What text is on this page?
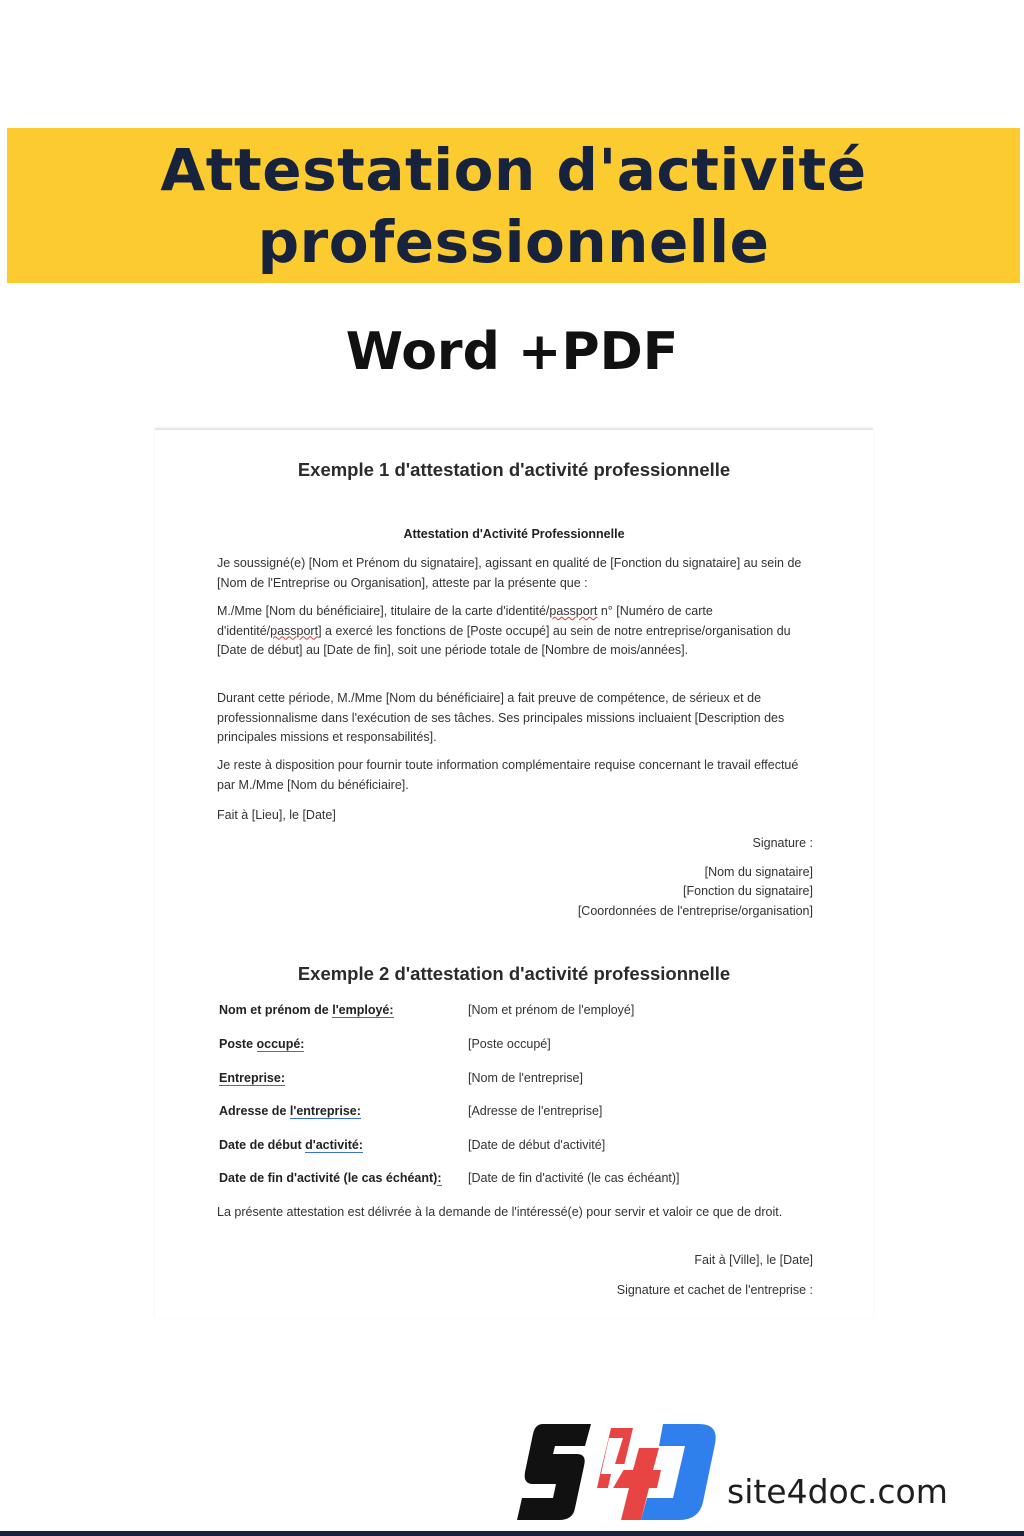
Attestation d'activité
professionnelle
Word +PDF
Exemple 1 d'attestation d'activité professionnelle
Attestation d'Activité Professionnelle
Je soussigné(e) [Nom et Prénom du signataire], agissant en qualité de [Fonction du signataire] au sein de [Nom de l'Entreprise ou Organisation], atteste par la présente que :
M./Mme [Nom du bénéficiaire], titulaire de la carte d'identité/passport n° [Numéro de carte d'identité/passport] a exercé les fonctions de [Poste occupé] au sein de notre entreprise/organisation du [Date de début] au [Date de fin], soit une période totale de [Nombre de mois/années].
Durant cette période, M./Mme [Nom du bénéficiaire] a fait preuve de compétence, de sérieux et de professionnalisme dans l'exécution de ses tâches. Ses principales missions incluaient [Description des principales missions et responsabilités].
Je reste à disposition pour fournir toute information complémentaire requise concernant le travail effectué par M./Mme [Nom du bénéficiaire].
Fait à [Lieu], le [Date]
Signature :
[Nom du signataire]
[Fonction du signataire]
[Coordonnées de l'entreprise/organisation]
Exemple 2 d'attestation d'activité professionnelle
Nom et prénom de l'employé:	[Nom et prénom de l'employé]
Poste occupé:	[Poste occupé]
Entreprise:	[Nom de l'entreprise]
Adresse de l'entreprise:	[Adresse de l'entreprise]
Date de début d'activité:	[Date de début d'activité]
Date de fin d'activité (le cas échéant): [Date de fin d'activité (le cas échéant)]
La présente attestation est délivrée à la demande de l'intéressé(e) pour servir et valoir ce que de droit.
Fait à [Ville], le [Date]
Signature et cachet de l'entreprise :
site4doc.com
